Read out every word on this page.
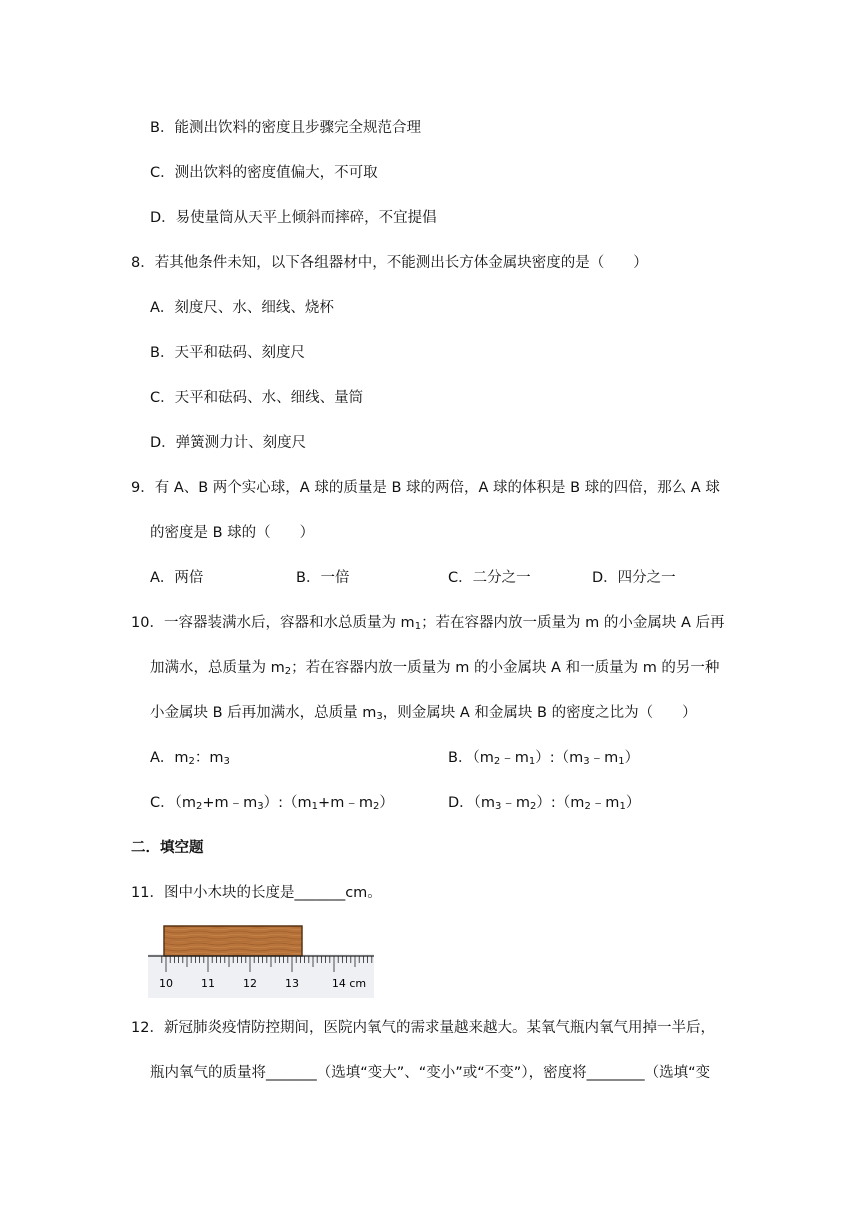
B．能测出饮料的密度且步骤完全规范合理
C．测出饮料的密度值偏大，不可取
D．易使量筒从天平上倾斜而摔碎，不宜提倡
8．若其他条件未知，以下各组器材中，不能测出长方体金属块密度的是（　　）
A．刻度尺、水、细线、烧杯
B．天平和砝码、刻度尺
C．天平和砝码、水、细线、量筒
D．弹簧测力计、刻度尺
9．有 A、B 两个实心球，A 球的质量是 B 球的两倍，A 球的体积是 B 球的四倍，那么 A 球
的密度是 B 球的（　　）
A．两倍	B．一倍	C．二分之一	D．四分之一
10．一容器装满水后，容器和水总质量为 $m_1$；若在容器内放一质量为 m 的小金属块 A 后再
加满水，总质量为 $m_2$；若在容器内放一质量为 m 的小金属块 A 和一质量为 m 的另一种
小金属块 B 后再加满水，总质量 $m_3$，则金属块 A 和金属块 B 的密度之比为（　　）
A．$m_2$：$m_3$	B．$(m_2﹣m_1):(m_3﹣m_1)$
C．$(m_2+m﹣m_3):(m_1+m﹣m_2)$	D．$(m_3﹣m_2):(m_2﹣m_1)$
二．填空题
11．图中小木块的长度是_______cm。
10	11	12	13	14 cm
12．新冠肺炎疫情防控期间，医院内氧气的需求量越来越大。某氧气瓶内氧气用掉一半后，
瓶内氧气的质量将_______（选填“变大”、“变小”或“不变”），密度将________（选填“变
